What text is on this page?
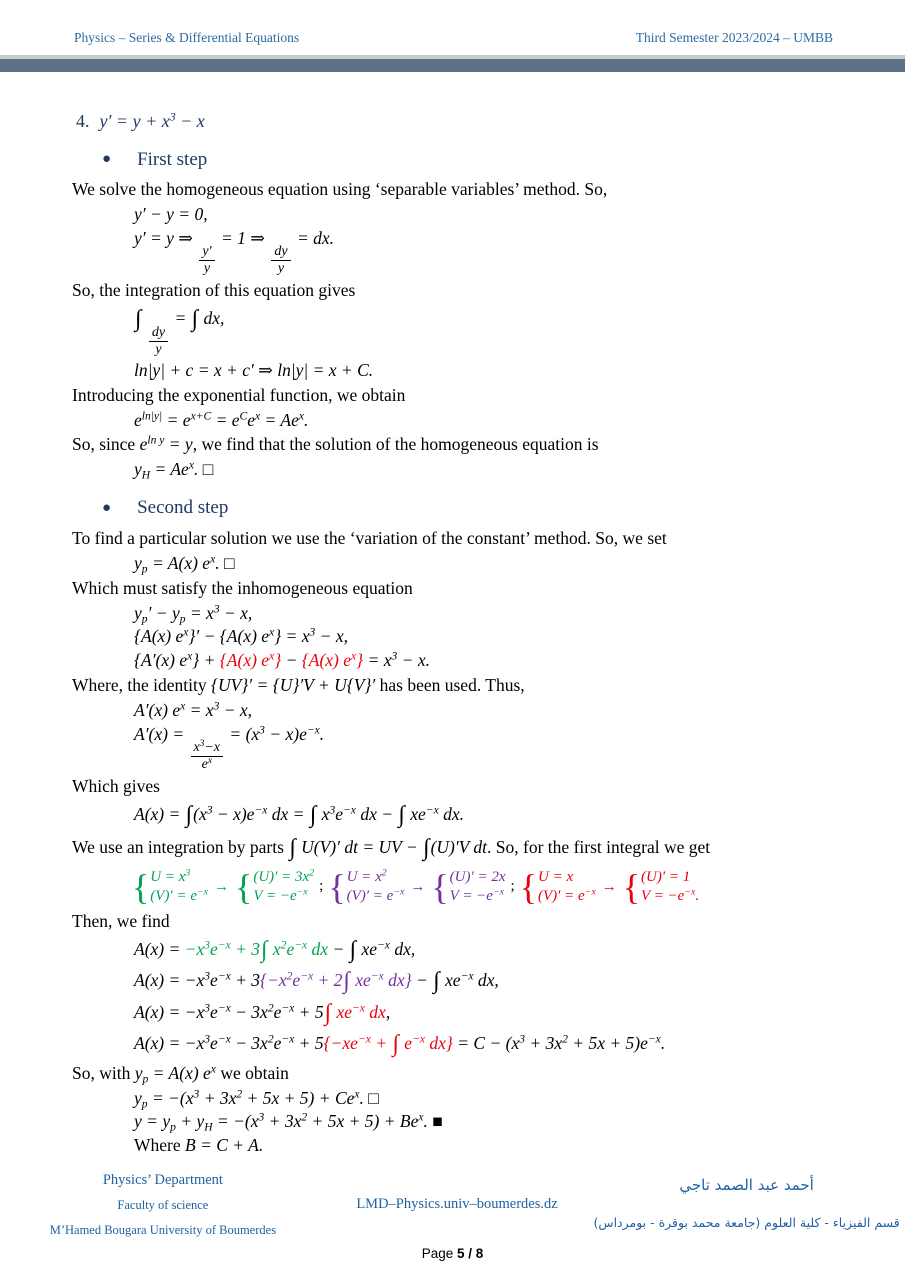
Physics – Series & Differential Equations	Third Semester 2023/2024 – UMBB
4. $y' = y + x^3 - x$
● First step
We solve the homogeneous equation using ‘separable variables’ method. So,
y′ − y = 0,
y′ = y ⇒
$\frac{y'}{y}$
= 1 ⇒
$\frac{dy}{y}$
= dx.
So, the integration of this equation gives
∫
$\frac{dy}{y}$
= ∫ dx,
ln|y| + c = x + c′ ⇒ ln|y| = x + C.
Introducing the exponential function, we obtain
$e^{ln|y|} = e^{x+C} = e^Ce^x = Ae^x$.
So, since $e^{ln y} = y$, we find that the solution of the homogeneous equation is
$y_H = Ae^x$. □
● Second step
To find a particular solution we use the ‘variation of the constant’ method. So, we set
$y_p = A(x)$ $e^x$. □
Which must satisfy the inhomogeneous equation
$y_p' - y_p = x^3 - x$,
{A(x) $e^x\}' - \{A(x) e^x\} = x^3 - x$,
{A′(x) $e^x\} + \{A(x) e^x\} - \{A(x) e^x\} = x^3 - x$.
Where, the identity {UV}′ = {U}′V + U{V}′ has been used. Thus,
A′(x) $e^x = x^3 - x$,
A′(x) =
$\frac{x^3-x}{e^x}$
= $(x^3 - x)e^{-x}$.
Which gives
$A(x) = \int(x^3 - x)e^{-x}$ dx = ∫ $x^3e^{-x}$ dx − ∫ $xe^{-x}$ dx.
We use an integration by parts ∫ U(V)′ dt = UV − ∫(U)′V dt. So, for the first integral we get
{ $U = x^3$
$(V)' = e^{-x}$ → { $(U)' = 3x^2$
$V = -e^{-x}$ ; { $U = x^2$
$(V)' = e^{-x}$ → { (U)′ = 2x
$V = -e^{-x}$ ; { U = x
$(V)' = e^{-x}$ → { (U)′ = 1
$V = -e^{-x}$.
Then, we find
$A(x) = -x^3e^{-x} + 3\int$ $x^2e^{-x}$ dx − ∫ $xe^{-x}$ dx,
$A(x) = -x^3e^{-x} + 3\{-x^2e^{-x} + 2\int$ $xe^{-x}$ dx} − ∫ $xe^{-x}$ dx,
$A(x) = -x^3e^{-x} - 3x^2e^{-x} + 5\int$ $xe^{-x}$ dx,
$A(x) = -x^3e^{-x} - 3x^2e^{-x} + 5\{-xe^{-x}$ + ∫ $e^{-x}$ $dx\} = C - (x^3 + 3x^2 + 5x + 5)e^{-x}$.
So, with $y_p = A(x)$ $e^x$ we obtain
$y_p = -(x^3 + 3x^2 + 5x + 5) + Ce^x$. □
$y = y_p + y_H = -(x^3 + 3x^2 + 5x + 5) + Be^x$. ■
Where B = C + A.
Physics’ Department
Faculty of science
M’Hamed Bougara University of Boumerdes
LMD–Physics.univ–boumerdes.dz
أحمد عبد الصمد تاجي
قسم الفيزياء - كلية العلوم (جامعة محمد بوقرة - بومرداس)
Page 5 / 8
